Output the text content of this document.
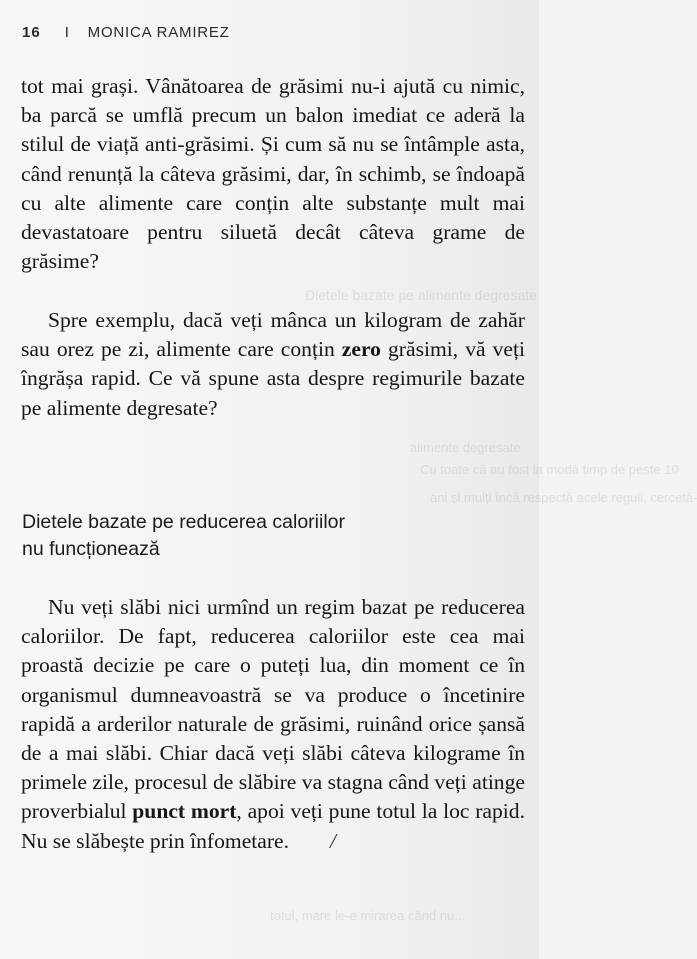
Dietele bazate pe alimente degresate
alimente degresate
Cu toate că au fost la modă timp de peste 10
ani și mulți încă respectă acele reguli, cercetă-
totul, mare le-e mirarea când nu...
16 I MONICA RAMIREZ

tot mai grași. Vânătoarea de grăsimi nu-i ajută cu nimic, ba parcă se umflă precum un balon imediat ce aderă la stilul de viață anti-grăsimi. Și cum să nu se întâmple asta, când renunță la câteva grăsimi, dar, în schimb, se îndoapă cu alte alimente care conțin alte substanțe mult mai devastatoare pentru siluetă decât câteva grame de grăsime?

Spre exemplu, dacă veți mânca un kilogram de zahăr sau orez pe zi, alimente care conțin zero grăsimi, vă veți îngrășa rapid. Ce vă spune asta despre regimurile bazate pe alimente degresate?

Dietele bazate pe reducerea caloriilor
nu funcționează

Nu veți slăbi nici urmînd un regim bazat pe reducerea caloriilor. De fapt, reducerea caloriilor este cea mai proastă decizie pe care o puteți lua, din moment ce în organismul dumneavoastră se va produce o încetinire rapidă a arderilor naturale de grăsimi, ruinând orice șansă de a mai slăbi. Chiar dacă veți slăbi câteva kilograme în primele zile, procesul de slăbire va stagna când veți atinge proverbialul punct mort, apoi veți pune totul la loc rapid. Nu se slăbește prin înfometare. /
